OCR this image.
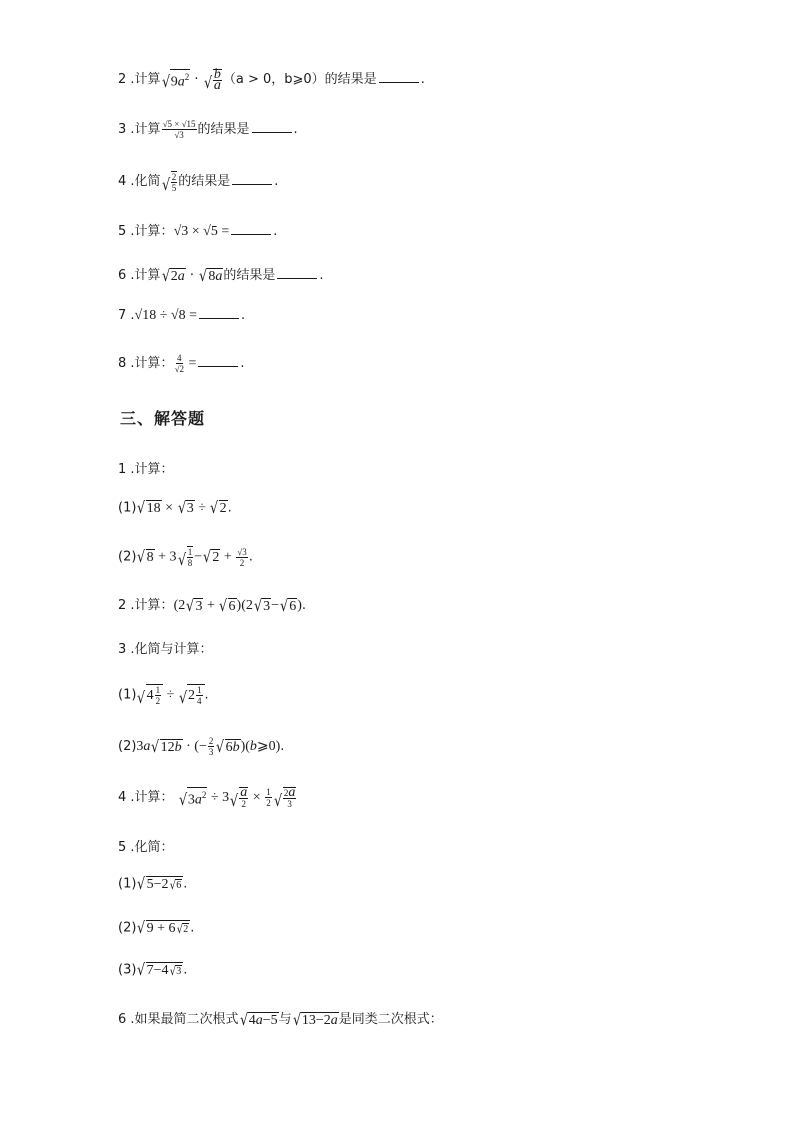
2 .计算 √ $9a^2$ · √ $\frac{b}{a} (a > 0$，b⩾0）的结果是	.
3 .计算 $\frac{√5 \times √15}{√3}$ 的结果是	.
4 .化简 √ $\frac{2}{5}$ 的结果是	.
5 .计算：√3 × √5 =	.
6 .计算 √ 2a · √ 8a 的结果是	.
7 .√18 ÷ √8 =	.
8 .计算： $\frac{4}{√2}$ =	.
三、解答题
1 .计算：
(1) √ 18 × √ 3 ÷ √ 2 .
(2) √ 8 + 3 √ $\frac{1}{8}$ − √ $2 + \frac{√3}{2}$ .
2 .计算：(2 √ 3 + √ 6 )(2 √ 3 − √ 6 ).
3 .化简与计算：
(1) √ $4 \frac{1}{2}$ ÷ √ $2 \frac{1}{4}$ .
(2)3a √ 12b · (− $\frac{2}{3}$ √ 6b )(b⩾0).
4 .计算： √ $3a^2 \div 3$ √ $\frac{a}{2} \times \frac{1}{2}$ √ $\frac{2a}{3}$
5 .化简：
(1) √ 5−2 √ 6 .
(2) √ 9 + 6 √ 2 .
(3) √ 7−4 √ 3 .
6 .如果最简二次根式 √ 4a−5 与 √ 13−2a 是同类二次根式：
